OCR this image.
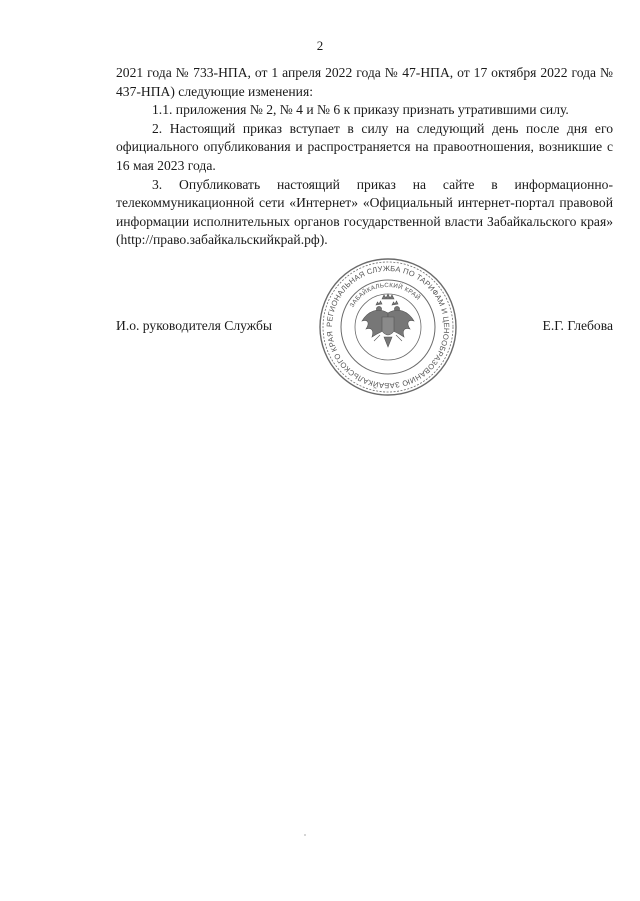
2

2021 года № 733-НПА, от 1 апреля 2022 года № 47-НПА, от 17 октября 2022 года № 437-НПА) следующие изменения:

1.1. приложения № 2, № 4 и № 6 к приказу признать утратившими силу.

2. Настоящий приказ вступает в силу на следующий день после дня его официального опубликования и распространяется на правоотношения, возникшие с 16 мая 2023 года.

3. Опубликовать настоящий приказ на сайте в информационно-телекоммуникационной сети «Интернет» «Официальный интернет-портал правовой информации исполнительных органов государственной власти Забайкальского края» (http://право.забайкальскийкрай.рф).

И.о. руководителя Службы	Е.Г. Глебова
РЕГИОНАЛЬНАЯ СЛУЖБА ПО ТАРИФАМ И ЦЕНООБРАЗОВАНИЮ ЗАБАЙКАЛЬСКОГО КРАЯ
ЗАБАЙКАЛЬСКИЙ КРАЙ
